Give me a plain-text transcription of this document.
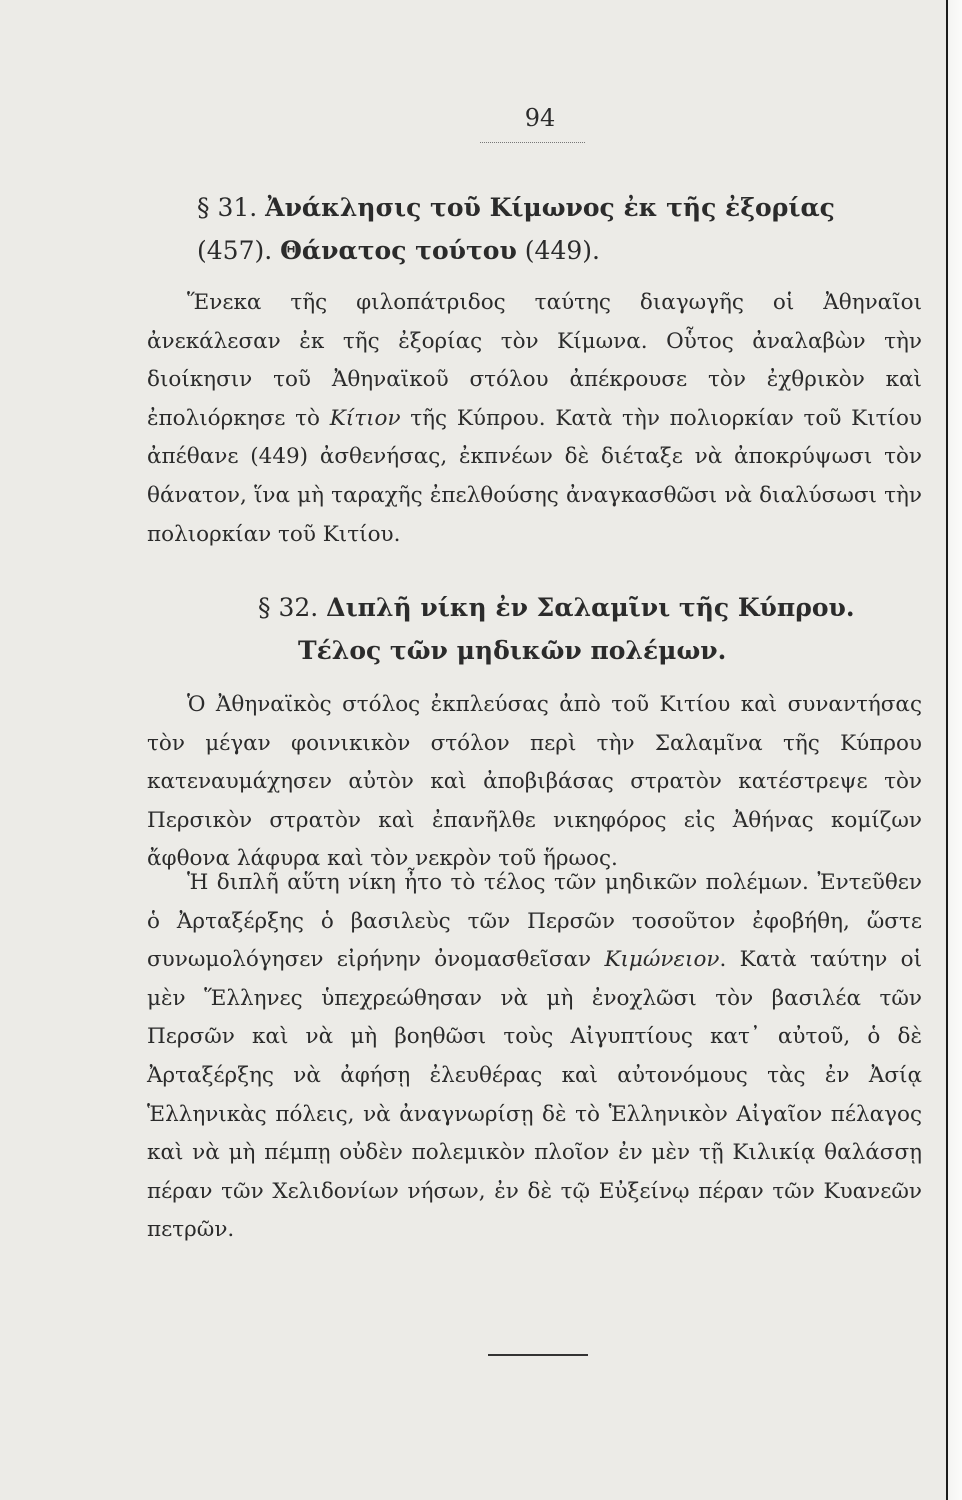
94
§ 31. Ἀνάκλησις τοῦ Κίμωνος ἐκ τῆς ἐξορίας (457). Θάνατος τούτου (449).

Ἕνεκα τῆς φιλοπάτριδος ταύτης διαγωγῆς οἱ Ἀθηναῖοι ἀνεκάλεσαν ἐκ τῆς ἐξορίας τὸν Κίμωνα. Οὗτος ἀναλαβὼν τὴν διοίκησιν τοῦ Ἀθηναϊκοῦ στόλου ἀπέκρουσε τὸν ἐχθρικὸν καὶ ἐπολιόρκησε τὸ Κίτιον τῆς Κύπρου. Κατὰ τὴν πολιορκίαν τοῦ Κιτίου ἀπέθανε (449) ἀσθενήσας, ἐκπνέων δὲ διέταξε νὰ ἀποκρύψωσι τὸν θάνατον, ἵνα μὴ ταραχῆς ἐπελθούσης ἀναγκασθῶσι νὰ διαλύσωσι τὴν πολιορκίαν τοῦ Κιτίου.

§ 32. Διπλῆ νίκη ἐν Σαλαμῖνι τῆς Κύπρου.
Τέλος τῶν μηδικῶν πολέμων.

Ὁ Ἀθηναϊκὸς στόλος ἐκπλεύσας ἀπὸ τοῦ Κιτίου καὶ συναντήσας τὸν μέγαν φοινικικὸν στόλον περὶ τὴν Σαλαμῖνα τῆς Κύπρου κατεναυμάχησεν αὐτὸν καὶ ἀποβιβάσας στρατὸν κατέστρεψε τὸν Περσικὸν στρατὸν καὶ ἐπανῆλθε νικηφόρος εἰς Ἀθήνας κομίζων ἄφθονα λάφυρα καὶ τὸν νεκρὸν τοῦ ἥρωος.

Ἡ διπλῆ αὕτη νίκη ἦτο τὸ τέλος τῶν μηδικῶν πολέμων. Ἐντεῦθεν ὁ Ἀρταξέρξης ὁ βασιλεὺς τῶν Περσῶν τοσοῦτον ἐφοβήθη, ὥστε συνωμολόγησεν εἰρήνην ὀνομασθεῖσαν Κιμώνειον. Κατὰ ταύτην οἱ μὲν Ἕλληνες ὑπεχρεώθησαν νὰ μὴ ἐνοχλῶσι τὸν βασιλέα τῶν Περσῶν καὶ νὰ μὴ βοηθῶσι τοὺς Αἰγυπτίους κατ᾽ αὐτοῦ, ὁ δὲ Ἀρταξέρξης νὰ ἀφήσῃ ἐλευθέρας καὶ αὐτονόμους τὰς ἐν Ἀσίᾳ Ἑλληνικὰς πόλεις, νὰ ἀναγνωρίσῃ δὲ τὸ Ἑλληνικὸν Αἰγαῖον πέλαγος καὶ νὰ μὴ πέμπῃ οὐδὲν πολεμικὸν πλοῖον ἐν μὲν τῇ Κιλικίᾳ θαλάσσῃ πέραν τῶν Χελιδονίων νήσων, ἐν δὲ τῷ Εὐξείνῳ πέραν τῶν Κυανεῶν πετρῶν.
